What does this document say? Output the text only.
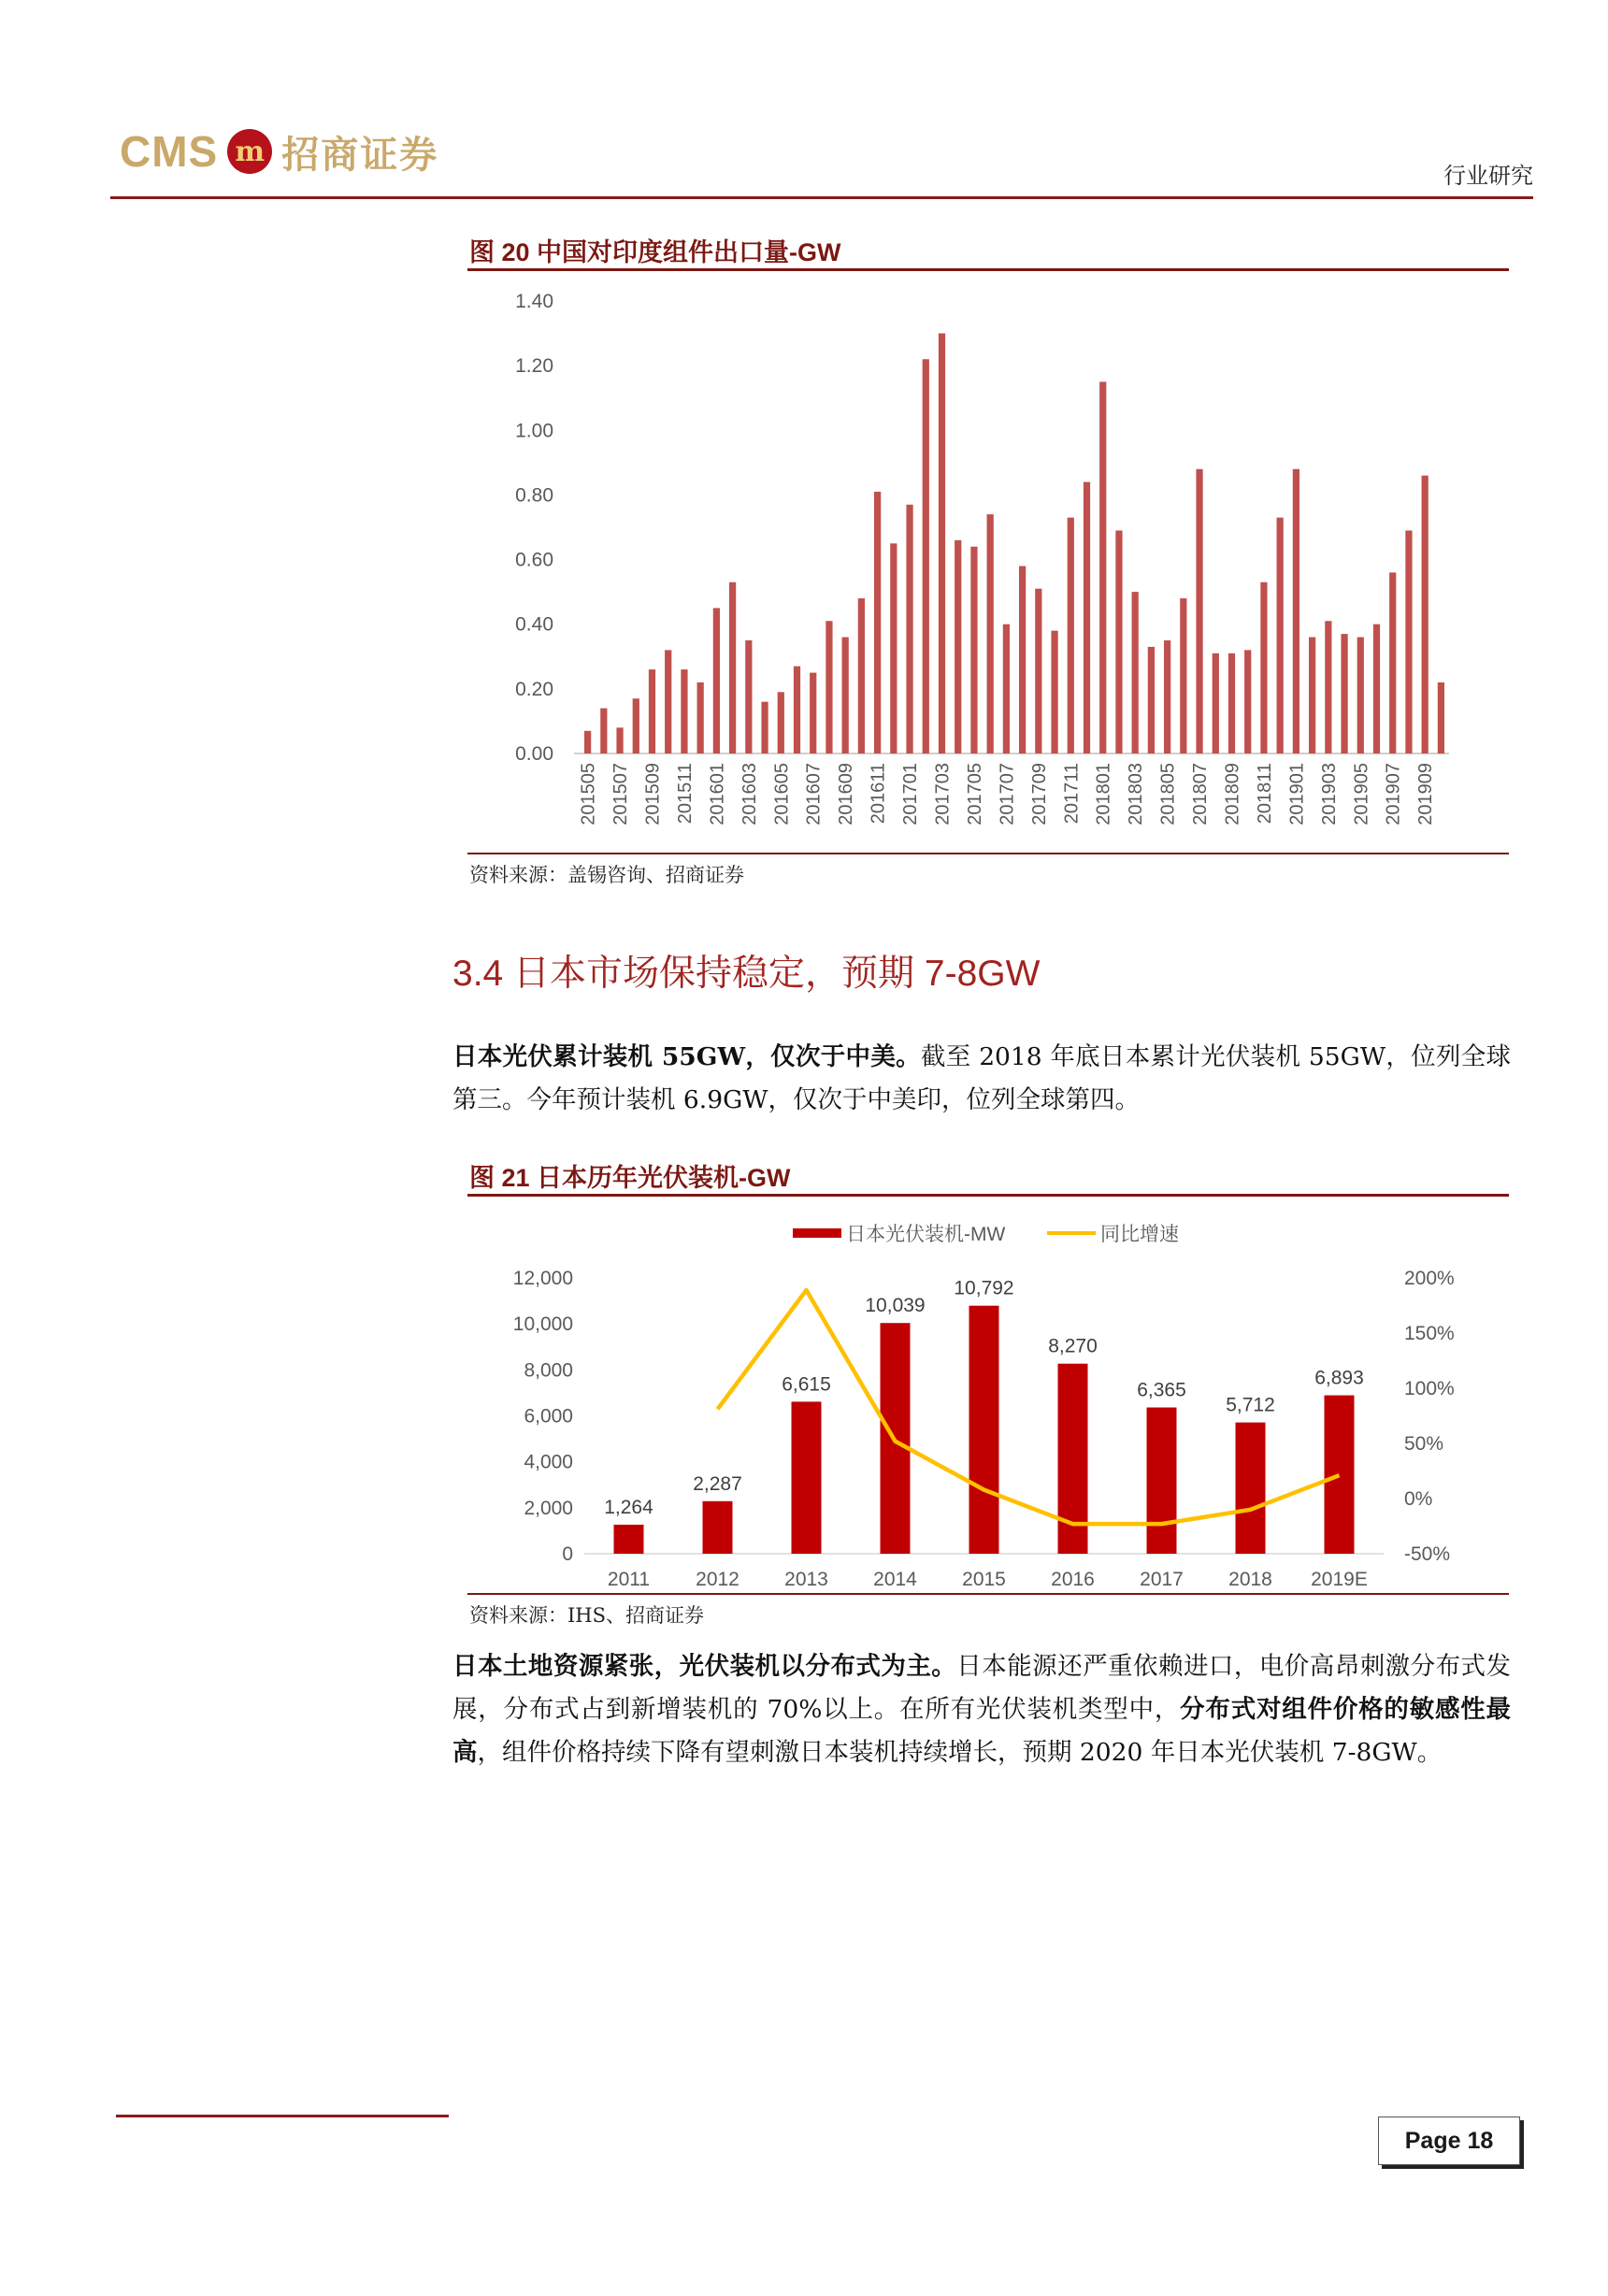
CMS m 招商证券	行业研究
图 20 中国对印度组件出口量-GW
1.40
1.20
1.00
0.80
0.60
0.40
0.20
0.00
201505 201507 201509 201511 201601 201603 201605 201607 201609 201611 201701 201703 201705 201707 201709 201711 201801 201803 201805 201807 201809 201811 201901 201903 201905 201907 201909
资料来源：盖锡咨询、招商证券
3.4 日本市场保持稳定，预期 7-8GW
日本光伏累计装机 55GW，仅次于中美。截至 2018 年底日本累计光伏装机 55GW，位列全球第三。今年预计装机 6.9GW，仅次于中美印，位列全球第四。
图 21 日本历年光伏装机-GW
日本光伏装机-MW	同比增速
12,000
10,000
8,000
6,000
4,000
2,000
0
200%
150%
100%
50%
0%
-50%
1,264
2011
2,287
2012
6,615
2013
10,039
2014
10,792
2015
8,270
2016
6,365
2017
5,712
2018
6,893
2019E
资料来源：IHS、招商证券
日本土地资源紧张，光伏装机以分布式为主。日本能源还严重依赖进口，电价高昂刺激分布式发展，分布式占到新增装机的 70%以上。在所有光伏装机类型中，分布式对组件价格的敏感性最高，组件价格持续下降有望刺激日本装机持续增长，预期 2020 年日本光伏装机 7-8GW。
Page
18
